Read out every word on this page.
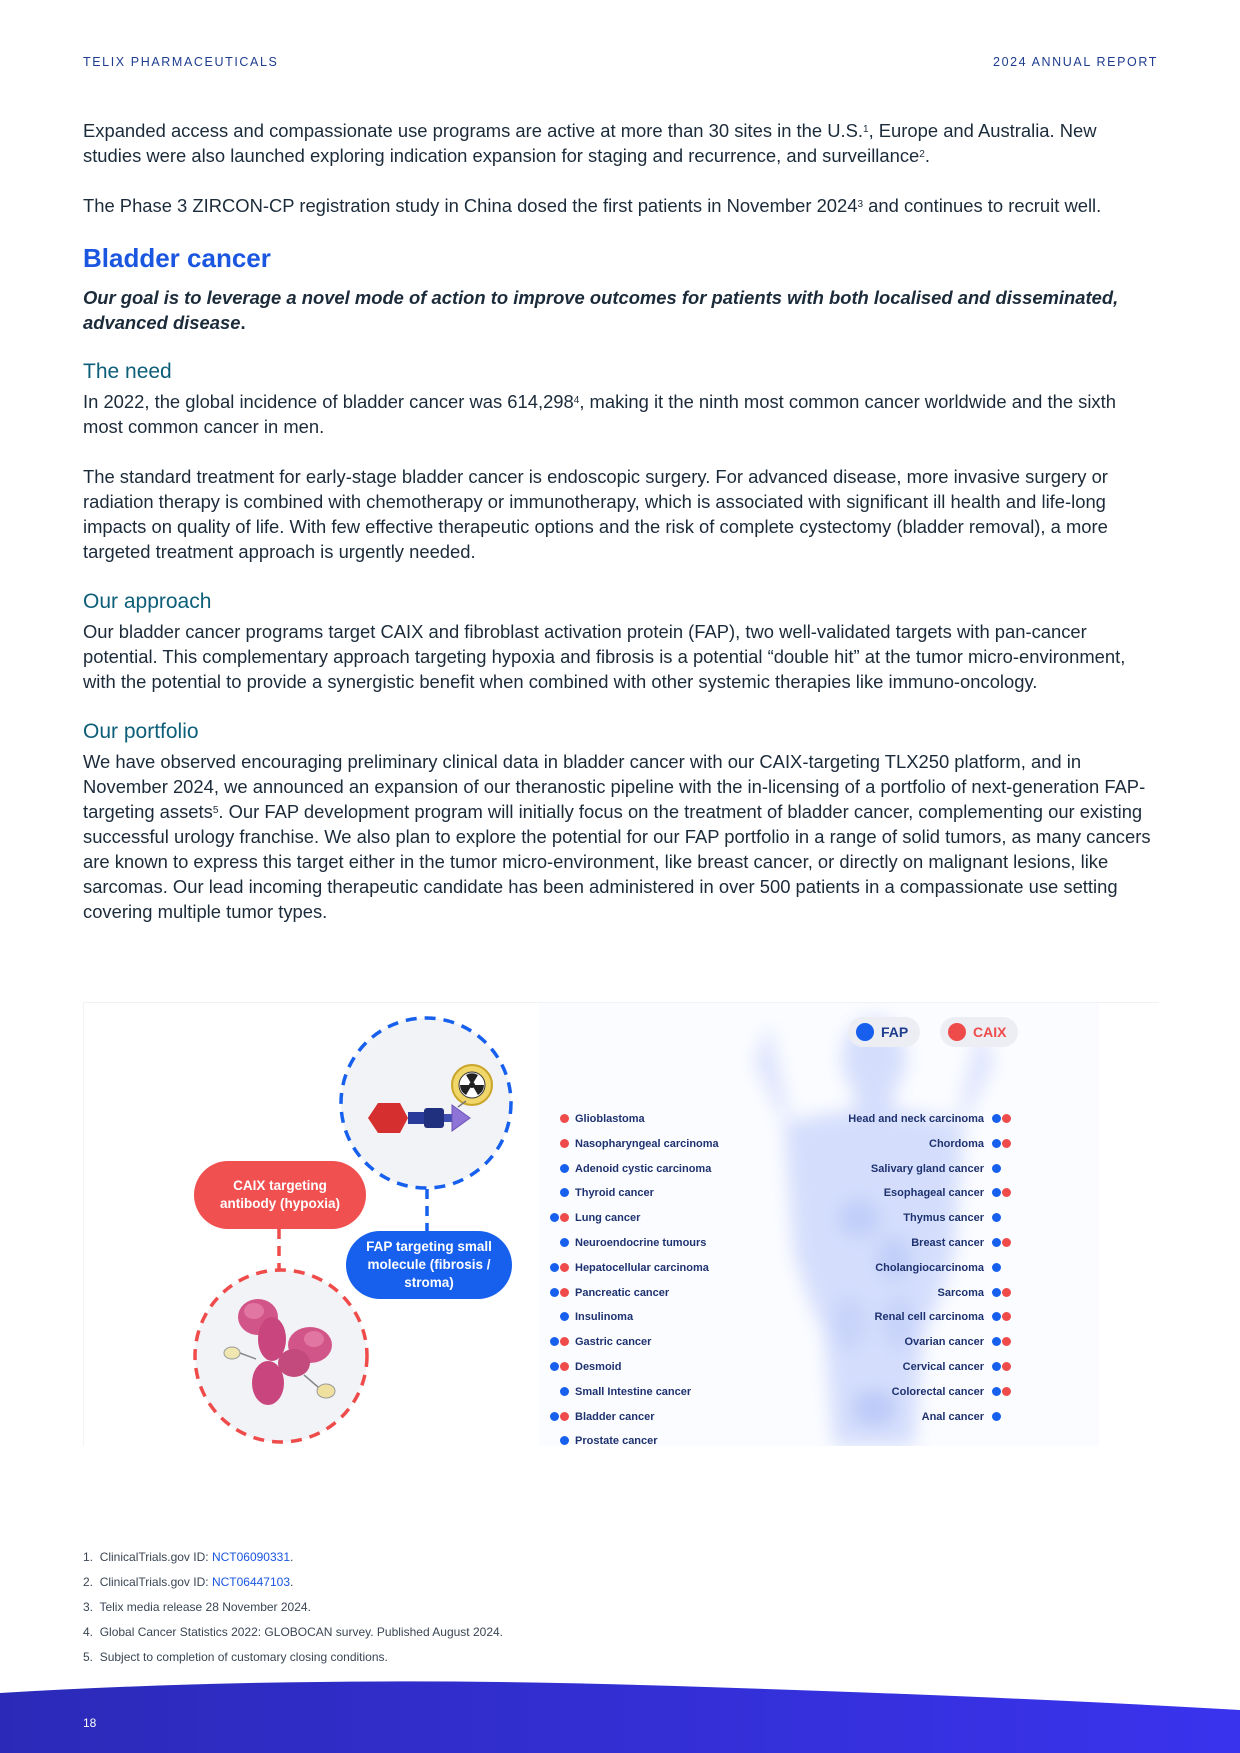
TELIX PHARMACEUTICALS	2024 ANNUAL REPORT

Expanded access and compassionate use programs are active at more than 30 sites in the U.S.$^1$, Europe and Australia. New studies were also launched exploring indication expansion for staging and recurrence, and surveillance$^2$.

The Phase 3 ZIRCON-CP registration study in China dosed the first patients in November 2024$^3$ and continues to recruit well.

Bladder cancer

Our goal is to leverage a novel mode of action to improve outcomes for patients with both localised and disseminated, advanced disease.

The need

In 2022, the global incidence of bladder cancer was 614,298$^4$, making it the ninth most common cancer worldwide and the sixth most common cancer in men.

The standard treatment for early-stage bladder cancer is endoscopic surgery. For advanced disease, more invasive surgery or radiation therapy is combined with chemotherapy or immunotherapy, which is associated with significant ill health and life-long impacts on quality of life. With few effective therapeutic options and the risk of complete cystectomy (bladder removal), a more targeted treatment approach is urgently needed.

Our approach

Our bladder cancer programs target CAIX and fibroblast activation protein (FAP), two well-validated targets with pan-cancer potential. This complementary approach targeting hypoxia and fibrosis is a potential “double hit” at the tumor micro-environment, with the potential to provide a synergistic benefit when combined with other systemic therapies like immuno-oncology.

Our portfolio

We have observed encouraging preliminary clinical data in bladder cancer with our CAIX-targeting TLX250 platform, and in November 2024, we announced an expansion of our theranostic pipeline with the in-licensing of a portfolio of next-generation FAP-targeting assets$^5$. Our FAP development program will initially focus on the treatment of bladder cancer, complementing our existing successful urology franchise. We also plan to explore the potential for our FAP portfolio in a range of solid tumors, as many cancers are known to express this target either in the tumor micro-environment, like breast cancer, or directly on malignant lesions, like sarcomas. Our lead incoming therapeutic candidate has been administered in over 500 patients in a compassionate use setting covering multiple tumor types.

CAIX targeting antibody (hypoxia)
FAP targeting small molecule (fibrosis / stroma)
FAP	CAIX
Glioblastoma
Nasopharyngeal carcinoma
Adenoid cystic carcinoma
Thyroid cancer
Lung cancer
Neuroendocrine tumours
Hepatocellular carcinoma
Pancreatic cancer
Insulinoma
Gastric cancer
Desmoid
Small Intestine cancer
Bladder cancer
Prostate cancer
Head and neck carcinoma
Chordoma
Salivary gland cancer
Esophageal cancer
Thymus cancer
Breast cancer
Cholangiocarcinoma
Sarcoma
Renal cell carcinoma
Ovarian cancer
Cervical cancer
Colorectal cancer
Anal cancer
1. ClinicalTrials.gov ID: NCT06090331.
2. ClinicalTrials.gov ID: NCT06447103.
3. Telix media release 28 November 2024.
4. Global Cancer Statistics 2022: GLOBOCAN survey. Published August 2024.
5. Subject to completion of customary closing conditions.
18
